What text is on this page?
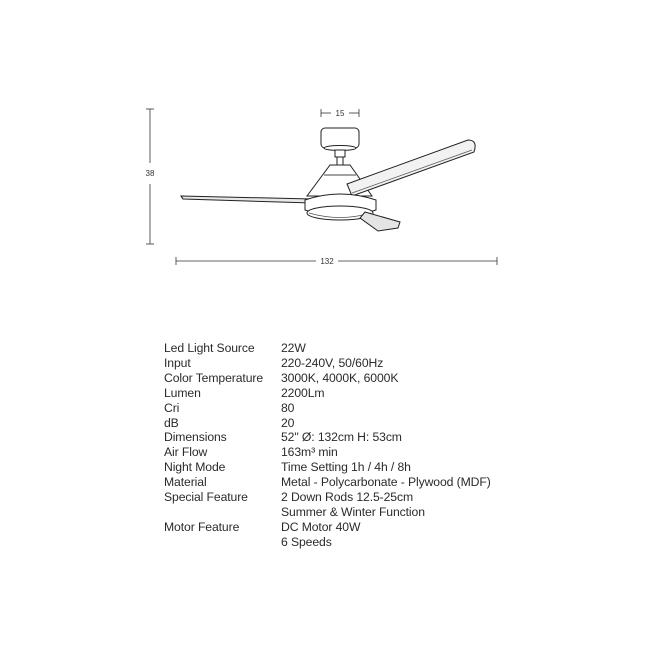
15
38
132
Led Light Source	22W

Input	220-240V, 50/60Hz

Color Temperature	3000K, 4000K, 6000K

Lumen	2200Lm

Cri	80

dB	20

Dimensions	52" Ø: 132cm H: 53cm

Air Flow	163m³ min

Night Mode	Time Setting 1h / 4h / 8h

Material	Metal - Polycarbonate - Plywood (MDF)

Special Feature	2 Down Rods 12.5-25cm
Summer & Winter Function

Motor Feature	DC Motor 40W
6 Speeds
